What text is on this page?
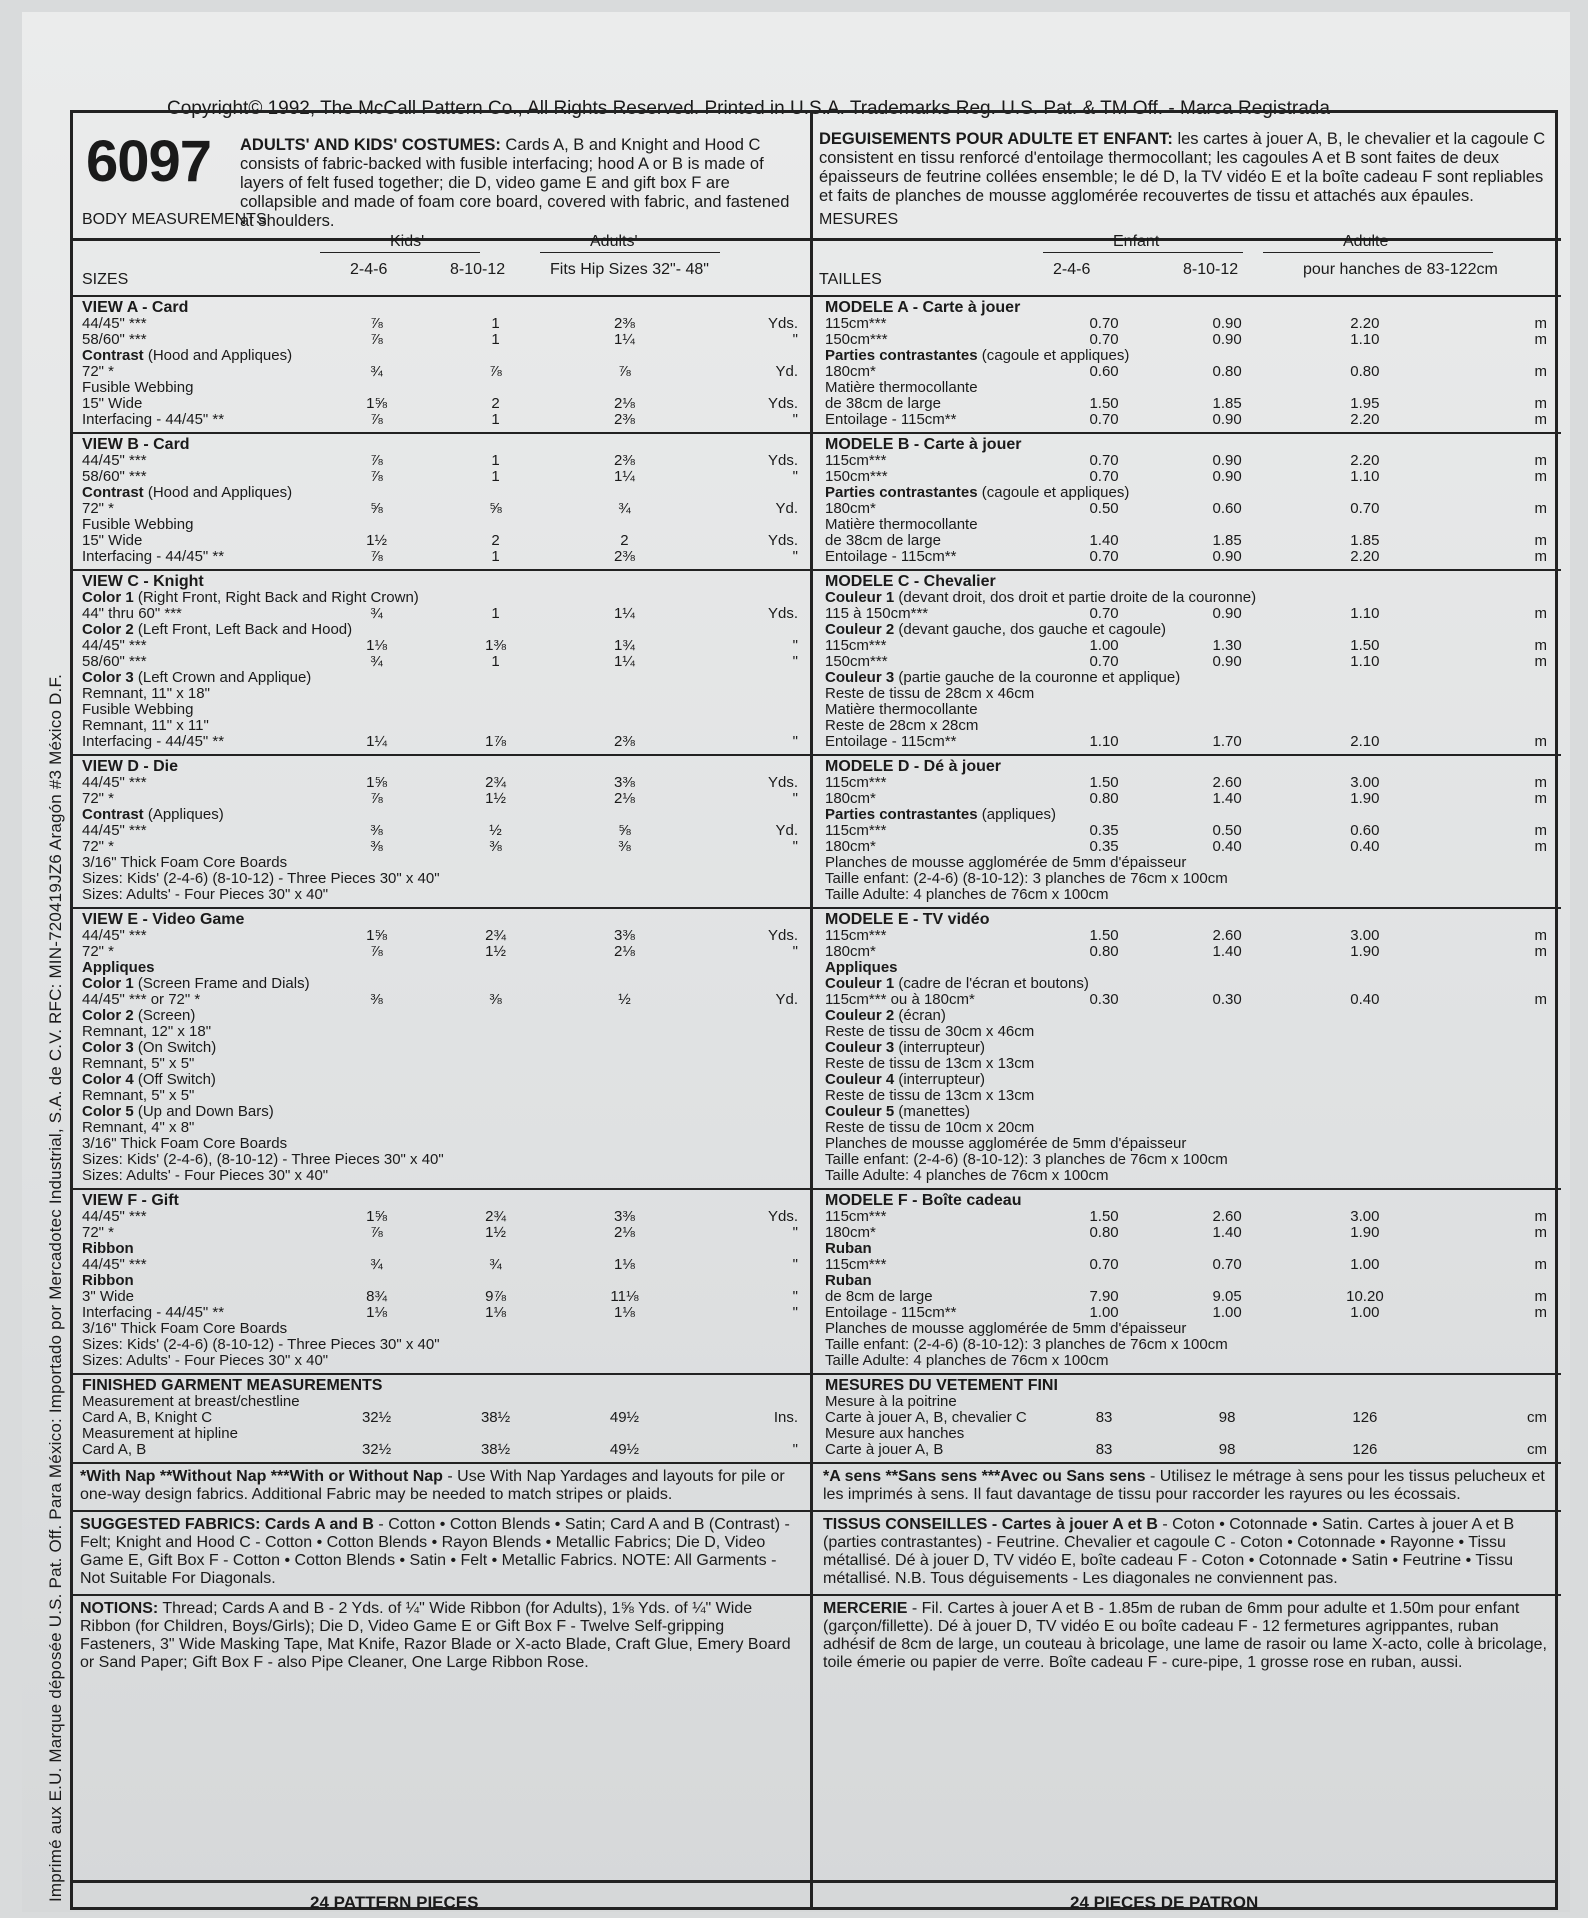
Copyright© 1992, The McCall Pattern Co., All Rights Reserved. Printed in U.S.A. Trademarks Reg. U.S. Pat. & TM Off. - Marca Registrada
Imprimé aux E.U. Marque déposée U.S. Pat. Off. Para México: Importado por Mercadotec Industrial, S.A. de C.V. RFC: MIN-720419JZ6 Aragón #3 México D.F.
6097 ADULTS' AND KIDS' COSTUMES: Cards A, B and Knight and Hood C consists of fabric-backed with fusible interfacing; hood A or B is made of layers of felt fused together; die D, video game E and gift box F are collapsible and made of foam core board, covered with fabric, and fastened at shoulders.
BODY MEASUREMENTS
SIZES
Kids'	Adults'
2-4-6	8-10-12	Fits Hip Sizes 32"- 48"
VIEW A - Card
44/45" ***	⅞	1	2⅜	Yds.
58/60" ***	⅞	1	1¼	"
Contrast (Hood and Appliques)
72" *	¾	⅞	⅞	Yd.
Fusible Webbing
15" Wide	1⅝	2	2⅛	Yds.
Interfacing - 44/45" **	⅞	1	2⅜	"
VIEW B - Card
44/45" ***	⅞	1	2⅜	Yds.
58/60" ***	⅞	1	1¼	"
Contrast (Hood and Appliques)
72" *	⅝	⅝	¾	Yd.
Fusible Webbing
15" Wide	1½	2	2	Yds.
Interfacing - 44/45" **	⅞	1	2⅜	"
VIEW C - Knight
Color 1 (Right Front, Right Back and Right Crown)
44" thru 60" ***	¾	1	1¼	Yds.
Color 2 (Left Front, Left Back and Hood)
44/45" ***	1⅛	1⅜	1¾	"
58/60" ***	¾	1	1¼	"
Color 3 (Left Crown and Applique)
Remnant, 11" x 18"
Fusible Webbing
Remnant, 11" x 11"
Interfacing - 44/45" **	1¼	1⅞	2⅜	"
VIEW D - Die
44/45" ***	1⅝	2¾	3⅜	Yds.
72" *	⅞	1½	2⅛	"
Contrast (Appliques)
44/45" ***	⅜	½	⅝	Yd.
72" *	⅜	⅜	⅜	"
3/16" Thick Foam Core Boards
Sizes: Kids' (2-4-6) (8-10-12) - Three Pieces 30" x 40"
Sizes: Adults' - Four Pieces 30" x 40"
VIEW E - Video Game
44/45" ***	1⅝	2¾	3⅜	Yds.
72" *	⅞	1½	2⅛	"
Appliques
Color 1 (Screen Frame and Dials)
44/45" *** or 72" *	⅜	⅜	½	Yd.
Color 2 (Screen)
Remnant, 12" x 18"
Color 3 (On Switch)
Remnant, 5" x 5"
Color 4 (Off Switch)
Remnant, 5" x 5"
Color 5 (Up and Down Bars)
Remnant, 4" x 8"
3/16" Thick Foam Core Boards
Sizes: Kids' (2-4-6), (8-10-12) - Three Pieces 30" x 40"
Sizes: Adults' - Four Pieces 30" x 40"
VIEW F - Gift
44/45" ***	1⅝	2¾	3⅜	Yds.
72" *	⅞	1½	2⅛	"
Ribbon
44/45" ***	¾	¾	1⅛	"
Ribbon
3" Wide	8¾	9⅞	11⅛	"
Interfacing - 44/45" **	1⅛	1⅛	1⅛	"
3/16" Thick Foam Core Boards
Sizes: Kids' (2-4-6) (8-10-12) - Three Pieces 30" x 40"
Sizes: Adults' - Four Pieces 30" x 40"
FINISHED GARMENT MEASUREMENTS
Measurement at breast/chestline
Card A, B, Knight C	32½	38½	49½	Ins.
Measurement at hipline
Card A, B	32½	38½	49½	"
*With Nap **Without Nap ***With or Without Nap - Use With Nap Yardages and layouts for pile or one-way design fabrics. Additional Fabric may be needed to match stripes or plaids.
SUGGESTED FABRICS: Cards A and B - Cotton • Cotton Blends • Satin; Card A and B (Contrast) - Felt; Knight and Hood C - Cotton • Cotton Blends • Rayon Blends • Metallic Fabrics; Die D, Video Game E, Gift Box F - Cotton • Cotton Blends • Satin • Felt • Metallic Fabrics. NOTE: All Garments - Not Suitable For Diagonals.
NOTIONS: Thread; Cards A and B - 2 Yds. of ¼" Wide Ribbon (for Adults), 1⅝ Yds. of ¼" Wide Ribbon (for Children, Boys/Girls); Die D, Video Game E or Gift Box F - Twelve Self-gripping Fasteners, 3" Wide Masking Tape, Mat Knife, Razor Blade or X-acto Blade, Craft Glue, Emery Board or Sand Paper; Gift Box F - also Pipe Cleaner, One Large Ribbon Rose.
DEGUISEMENTS POUR ADULTE ET ENFANT: les cartes à jouer A, B, le chevalier et la cagoule C consistent en tissu renforcé d'entoilage thermocollant; les cagoules A et B sont faites de deux épaisseurs de feutrine collées ensemble; le dé D, la TV vidéo E et la boîte cadeau F sont repliables et faits de planches de mousse agglomérée recouvertes de tissu et attachés aux épaules.
MESURES
TAILLES
Enfant	Adulte
2-4-6	8-10-12	pour hanches de 83-122cm
MODELE A - Carte à jouer
115cm***	0.70	0.90	2.20	m
150cm***	0.70	0.90	1.10	m
Parties contrastantes (cagoule et appliques)
180cm*	0.60	0.80	0.80	m
Matière thermocollante
de 38cm de large	1.50	1.85	1.95	m
Entoilage - 115cm**	0.70	0.90	2.20	m
MODELE B - Carte à jouer
115cm***	0.70	0.90	2.20	m
150cm***	0.70	0.90	1.10	m
Parties contrastantes (cagoule et appliques)
180cm*	0.50	0.60	0.70	m
Matière thermocollante
de 38cm de large	1.40	1.85	1.85	m
Entoilage - 115cm**	0.70	0.90	2.20	m
MODELE C - Chevalier
Couleur 1 (devant droit, dos droit et partie droite de la couronne)
115 à 150cm***	0.70	0.90	1.10	m
Couleur 2 (devant gauche, dos gauche et cagoule)
115cm***	1.00	1.30	1.50	m
150cm***	0.70	0.90	1.10	m
Couleur 3 (partie gauche de la couronne et applique)
Reste de tissu de 28cm x 46cm
Matière thermocollante
Reste de 28cm x 28cm
Entoilage - 115cm**	1.10	1.70	2.10	m
MODELE D - Dé à jouer
115cm***	1.50	2.60	3.00	m
180cm*	0.80	1.40	1.90	m
Parties contrastantes (appliques)
115cm***	0.35	0.50	0.60	m
180cm*	0.35	0.40	0.40	m
Planches de mousse agglomérée de 5mm d'épaisseur
Taille enfant: (2-4-6) (8-10-12): 3 planches de 76cm x 100cm
Taille Adulte: 4 planches de 76cm x 100cm
MODELE E - TV vidéo
115cm***	1.50	2.60	3.00	m
180cm*	0.80	1.40	1.90	m
Appliques
Couleur 1 (cadre de l'écran et boutons)
115cm*** ou à 180cm*	0.30	0.30	0.40	m
Couleur 2 (écran)
Reste de tissu de 30cm x 46cm
Couleur 3 (interrupteur)
Reste de tissu de 13cm x 13cm
Couleur 4 (interrupteur)
Reste de tissu de 13cm x 13cm
Couleur 5 (manettes)
Reste de tissu de 10cm x 20cm
Planches de mousse agglomérée de 5mm d'épaisseur
Taille enfant: (2-4-6) (8-10-12): 3 planches de 76cm x 100cm
Taille Adulte: 4 planches de 76cm x 100cm
MODELE F - Boîte cadeau
115cm***	1.50	2.60	3.00	m
180cm*	0.80	1.40	1.90	m
Ruban
115cm***	0.70	0.70	1.00	m
Ruban
de 8cm de large	7.90	9.05	10.20	m
Entoilage - 115cm**	1.00	1.00	1.00	m
Planches de mousse agglomérée de 5mm d'épaisseur
Taille enfant: (2-4-6) (8-10-12): 3 planches de 76cm x 100cm
Taille Adulte: 4 planches de 76cm x 100cm
MESURES DU VETEMENT FINI
Mesure à la poitrine
Carte à jouer A, B, chevalier C	83	98	126	cm
Mesure aux hanches
Carte à jouer A, B	83	98	126	cm
*A sens **Sans sens ***Avec ou Sans sens - Utilisez le métrage à sens pour les tissus pelucheux et les imprimés à sens. Il faut davantage de tissu pour raccorder les rayures ou les écossais.
TISSUS CONSEILLES - Cartes à jouer A et B - Coton • Cotonnade • Satin. Cartes à jouer A et B (parties contrastantes) - Feutrine. Chevalier et cagoule C - Coton • Cotonnade • Rayonne • Tissu métallisé. Dé à jouer D, TV vidéo E, boîte cadeau F - Coton • Cotonnade • Satin • Feutrine • Tissu métallisé. N.B. Tous déguisements - Les diagonales ne conviennent pas.
MERCERIE - Fil. Cartes à jouer A et B - 1.85m de ruban de 6mm pour adulte et 1.50m pour enfant (garçon/fillette). Dé à jouer D, TV vidéo E ou boîte cadeau F - 12 fermetures agrippantes, ruban adhésif de 8cm de large, un couteau à bricolage, une lame de rasoir ou lame X-acto, colle à bricolage, toile émerie ou papier de verre. Boîte cadeau F - cure-pipe, 1 grosse rose en ruban, aussi.
24 PATTERN PIECES	24 PIECES DE PATRON
